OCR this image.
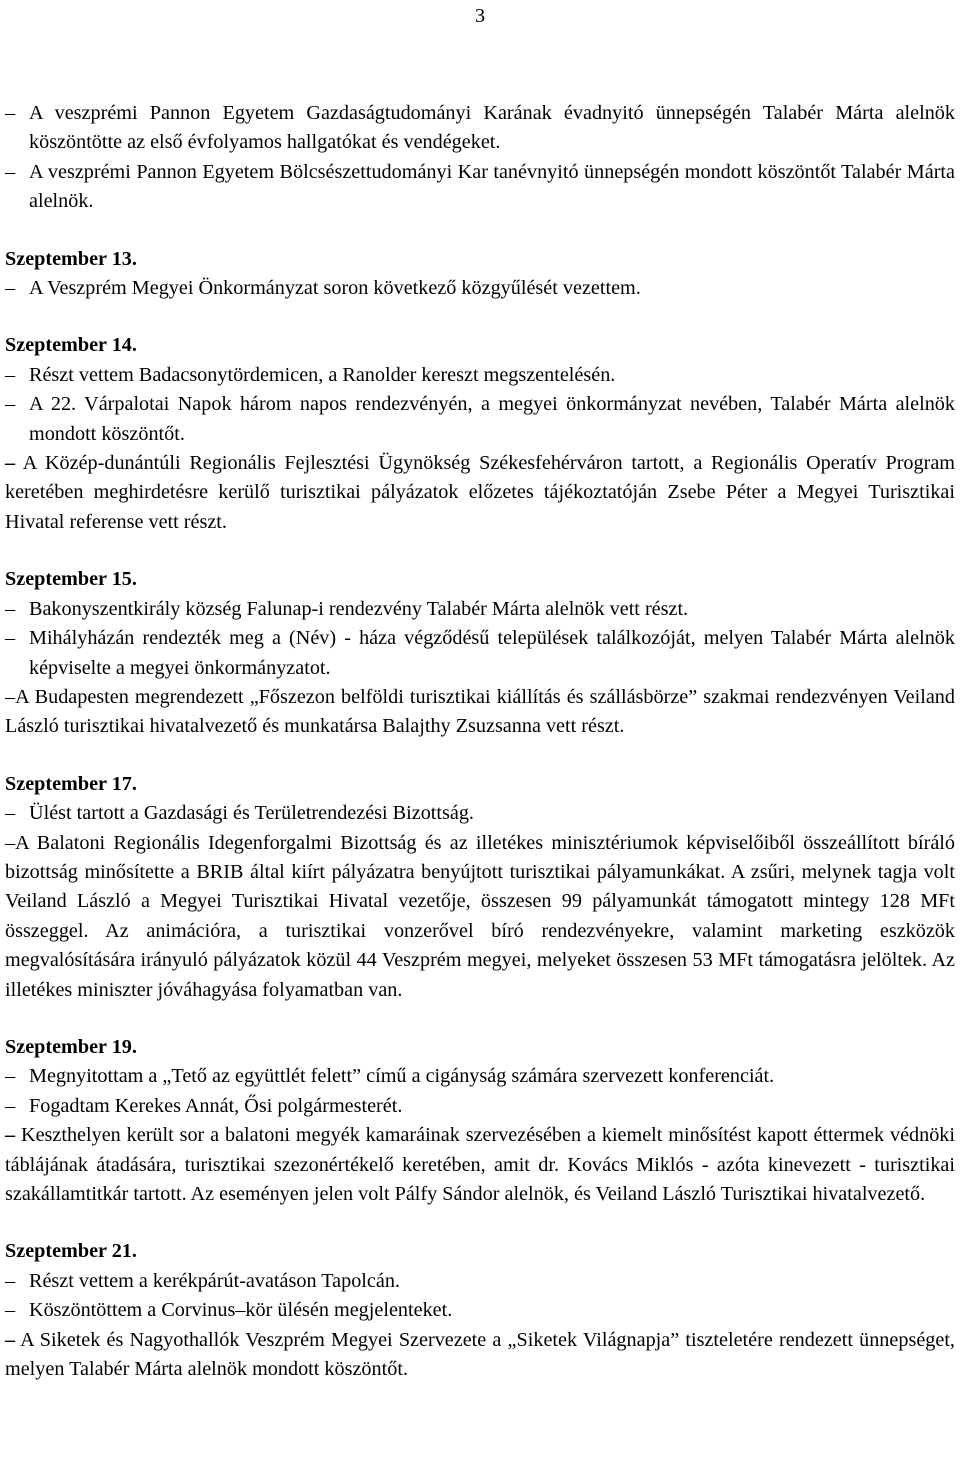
3
– A veszprémi Pannon Egyetem Gazdaságtudományi Karának évadnyitó ünnepségén Talabér Márta alelnök köszöntötte az első évfolyamos hallgatókat és vendégeket.
– A veszprémi Pannon Egyetem Bölcsészettudományi Kar tanévnyitó ünnepségén mondott köszöntőt Talabér Márta alelnök.
Szeptember 13.
– A Veszprém Megyei Önkormányzat soron következő közgyűlését vezettem.
Szeptember 14.
– Részt vettem Badacsonytördemicen, a Ranolder kereszt megszentelésén.
– A 22. Várpalotai Napok három napos rendezvényén, a megyei önkormányzat nevében, Talabér Márta alelnök mondott köszöntőt.

– A Közép-dunántúli Regionális Fejlesztési Ügynökség Székesfehérváron tartott, a Regionális Operatív Program keretében meghirdetésre kerülő turisztikai pályázatok előzetes tájékoztatóján Zsebe Péter a Megyei Turisztikai Hivatal referense vett részt.

Szeptember 15.
– Bakonyszentkirály község Falunap-i rendezvény Talabér Márta alelnök vett részt.
– Mihályházán rendezték meg a (Név) - háza végződésű települések találkozóját, melyen Talabér Márta alelnök képviselte a megyei önkormányzatot.

–A Budapesten megrendezett „Főszezon belföldi turisztikai kiállítás és szállásbörze” szakmai rendezvényen Veiland László turisztikai hivatalvezető és munkatársa Balajthy Zsuzsanna vett részt.

Szeptember 17.
– Ülést tartott a Gazdasági és Területrendezési Bizottság.

–A Balatoni Regionális Idegenforgalmi Bizottság és az illetékes minisztériumok képviselőiből összeállított bíráló bizottság minősítette a BRIB által kiírt pályázatra benyújtott turisztikai pályamunkákat. A zsűri, melynek tagja volt Veiland László a Megyei Turisztikai Hivatal vezetője, összesen 99 pályamunkát támogatott mintegy 128 MFt összeggel. Az animációra, a turisztikai vonzerővel bíró rendezvényekre, valamint marketing eszközök megvalósítására irányuló pályázatok közül 44 Veszprém megyei, melyeket összesen 53 MFt támogatásra jelöltek. Az illetékes miniszter jóváhagyása folyamatban van.

Szeptember 19.
– Megnyitottam a „Tető az együttlét felett” című a cigányság számára szervezett konferenciát.
– Fogadtam Kerekes Annát, Ősi polgármesterét.

– Keszthelyen került sor a balatoni megyék kamaráinak szervezésében a kiemelt minősítést kapott éttermek védnöki táblájának átadására, turisztikai szezonértékelő keretében, amit dr. Kovács Miklós - azóta kinevezett - turisztikai szakállamtitkár tartott. Az eseményen jelen volt Pálfy Sándor alelnök, és Veiland László Turisztikai hivatalvezető.

Szeptember 21.
– Részt vettem a kerékpárút-avatáson Tapolcán.
– Köszöntöttem a Corvinus–kör ülésén megjelenteket.

– A Siketek és Nagyothallók Veszprém Megyei Szervezete a „Siketek Világnapja” tiszteletére rendezett ünnepséget, melyen Talabér Márta alelnök mondott köszöntőt.
